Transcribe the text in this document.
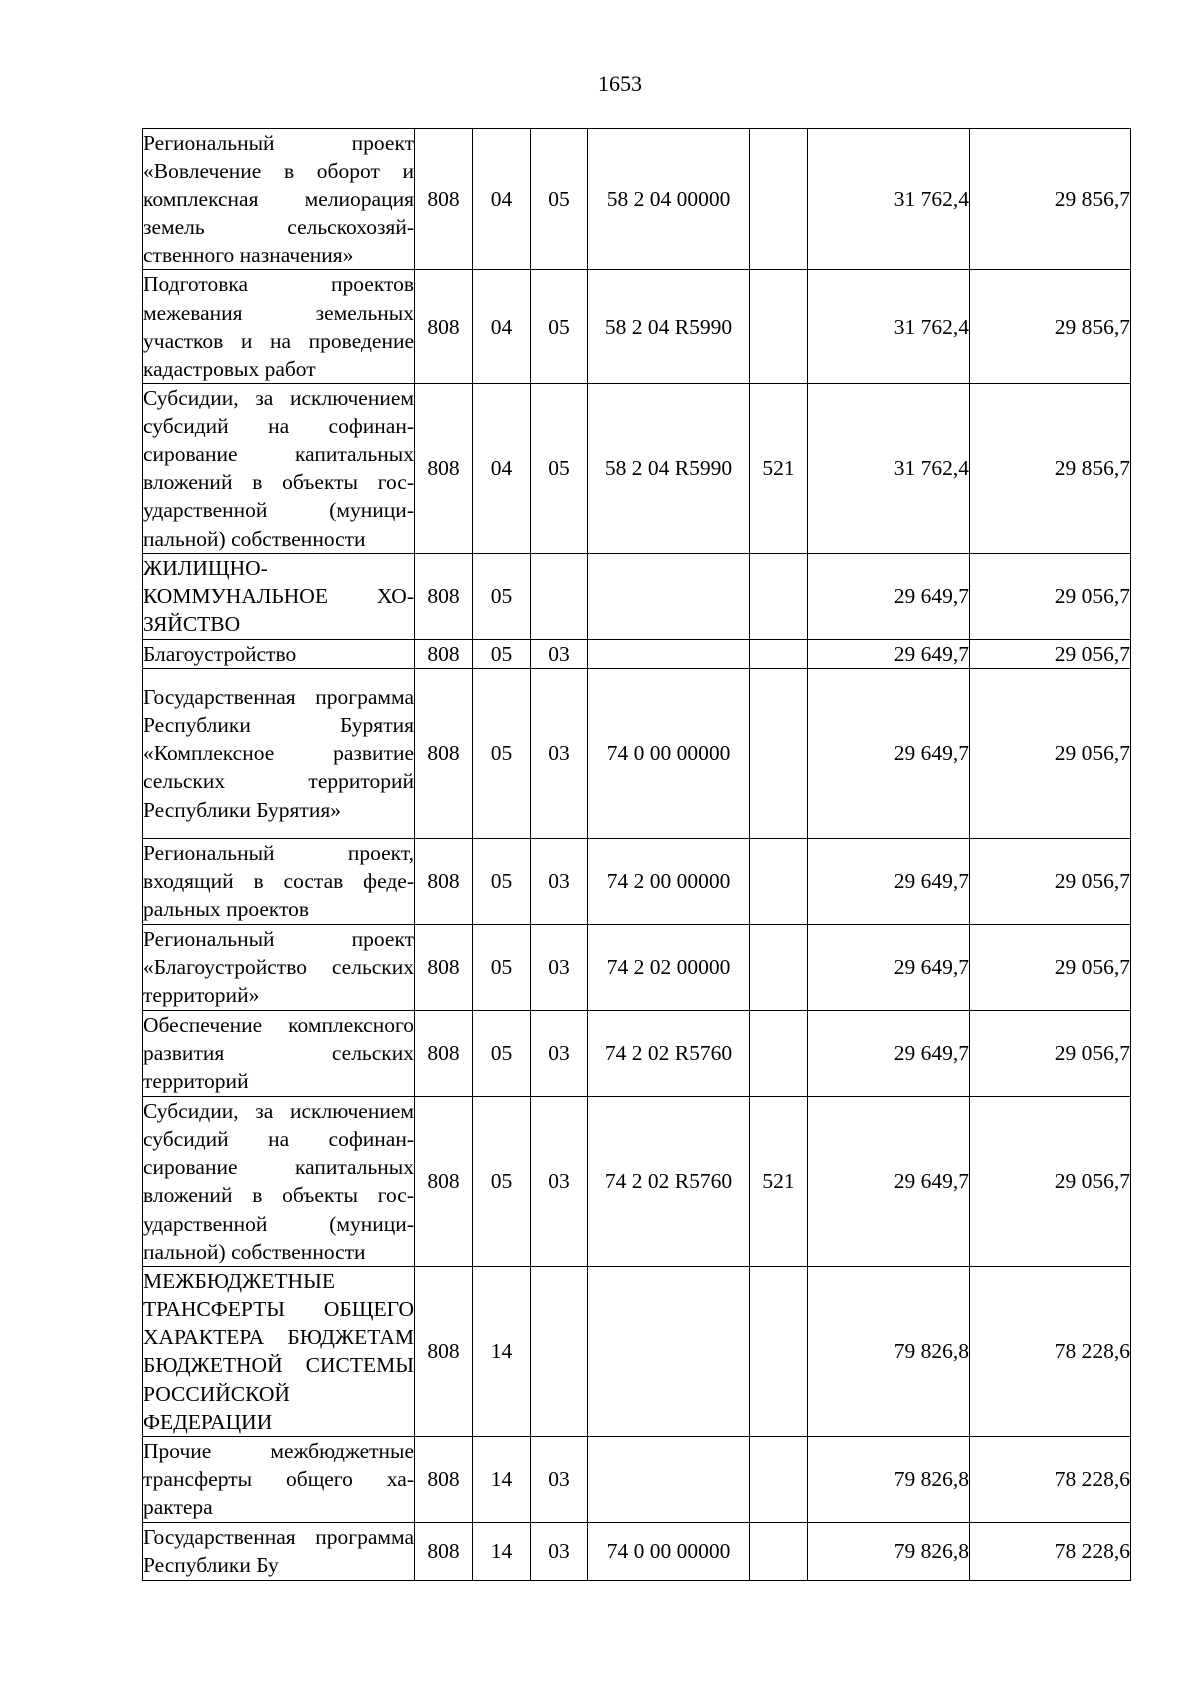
1653
Региональный проект «Вовлечение в оборот и комплексная мелиорация земель сельскохозяйственного назначения»	808	04	05	58 2 04 00000		31 762,4	29 856,7
Подготовка проектов межевания земельных участков и на проведение кадастровых работ	808	04	05	58 2 04 R5990		31 762,4	29 856,7
Субсидии, за исключением субсидий на софинансирование капитальных вложений в объекты государственной (муниципальной) собственности	808	04	05	58 2 04 R5990	521	31 762,4	29 856,7
ЖИЛИЩНО-КОММУНАЛЬНОЕ ХОЗЯЙСТВО	808	05				29 649,7	29 056,7
Благоустройство	808	05	03			29 649,7	29 056,7
Государственная программа Республики Бурятия «Комплексное развитие сельских территорий Республики Бурятия»	808	05	03	74 0 00 00000		29 649,7	29 056,7
Региональный проект, входящий в состав федеральных проектов	808	05	03	74 2 00 00000		29 649,7	29 056,7
Региональный проект «Благоустройство сельских территорий»	808	05	03	74 2 02 00000		29 649,7	29 056,7
Обеспечение комплексного развития сельских территорий	808	05	03	74 2 02 R5760		29 649,7	29 056,7
Субсидии, за исключением субсидий на софинансирование капитальных вложений в объекты государственной (муниципальной) собственности	808	05	03	74 2 02 R5760	521	29 649,7	29 056,7
МЕЖБЮДЖЕТНЫЕ ТРАНСФЕРТЫ ОБЩЕГО ХАРАКТЕРА БЮДЖЕТАМ БЮДЖЕТНОЙ СИСТЕМЫ РОССИЙСКОЙ ФЕДЕРАЦИИ	808	14				79 826,8	78 228,6
Прочие межбюджетные трансферты общего характера	808	14	03			79 826,8	78 228,6
Государственная программа Республики Бу	808	14	03	74 0 00 00000		79 826,8	78 228,6
